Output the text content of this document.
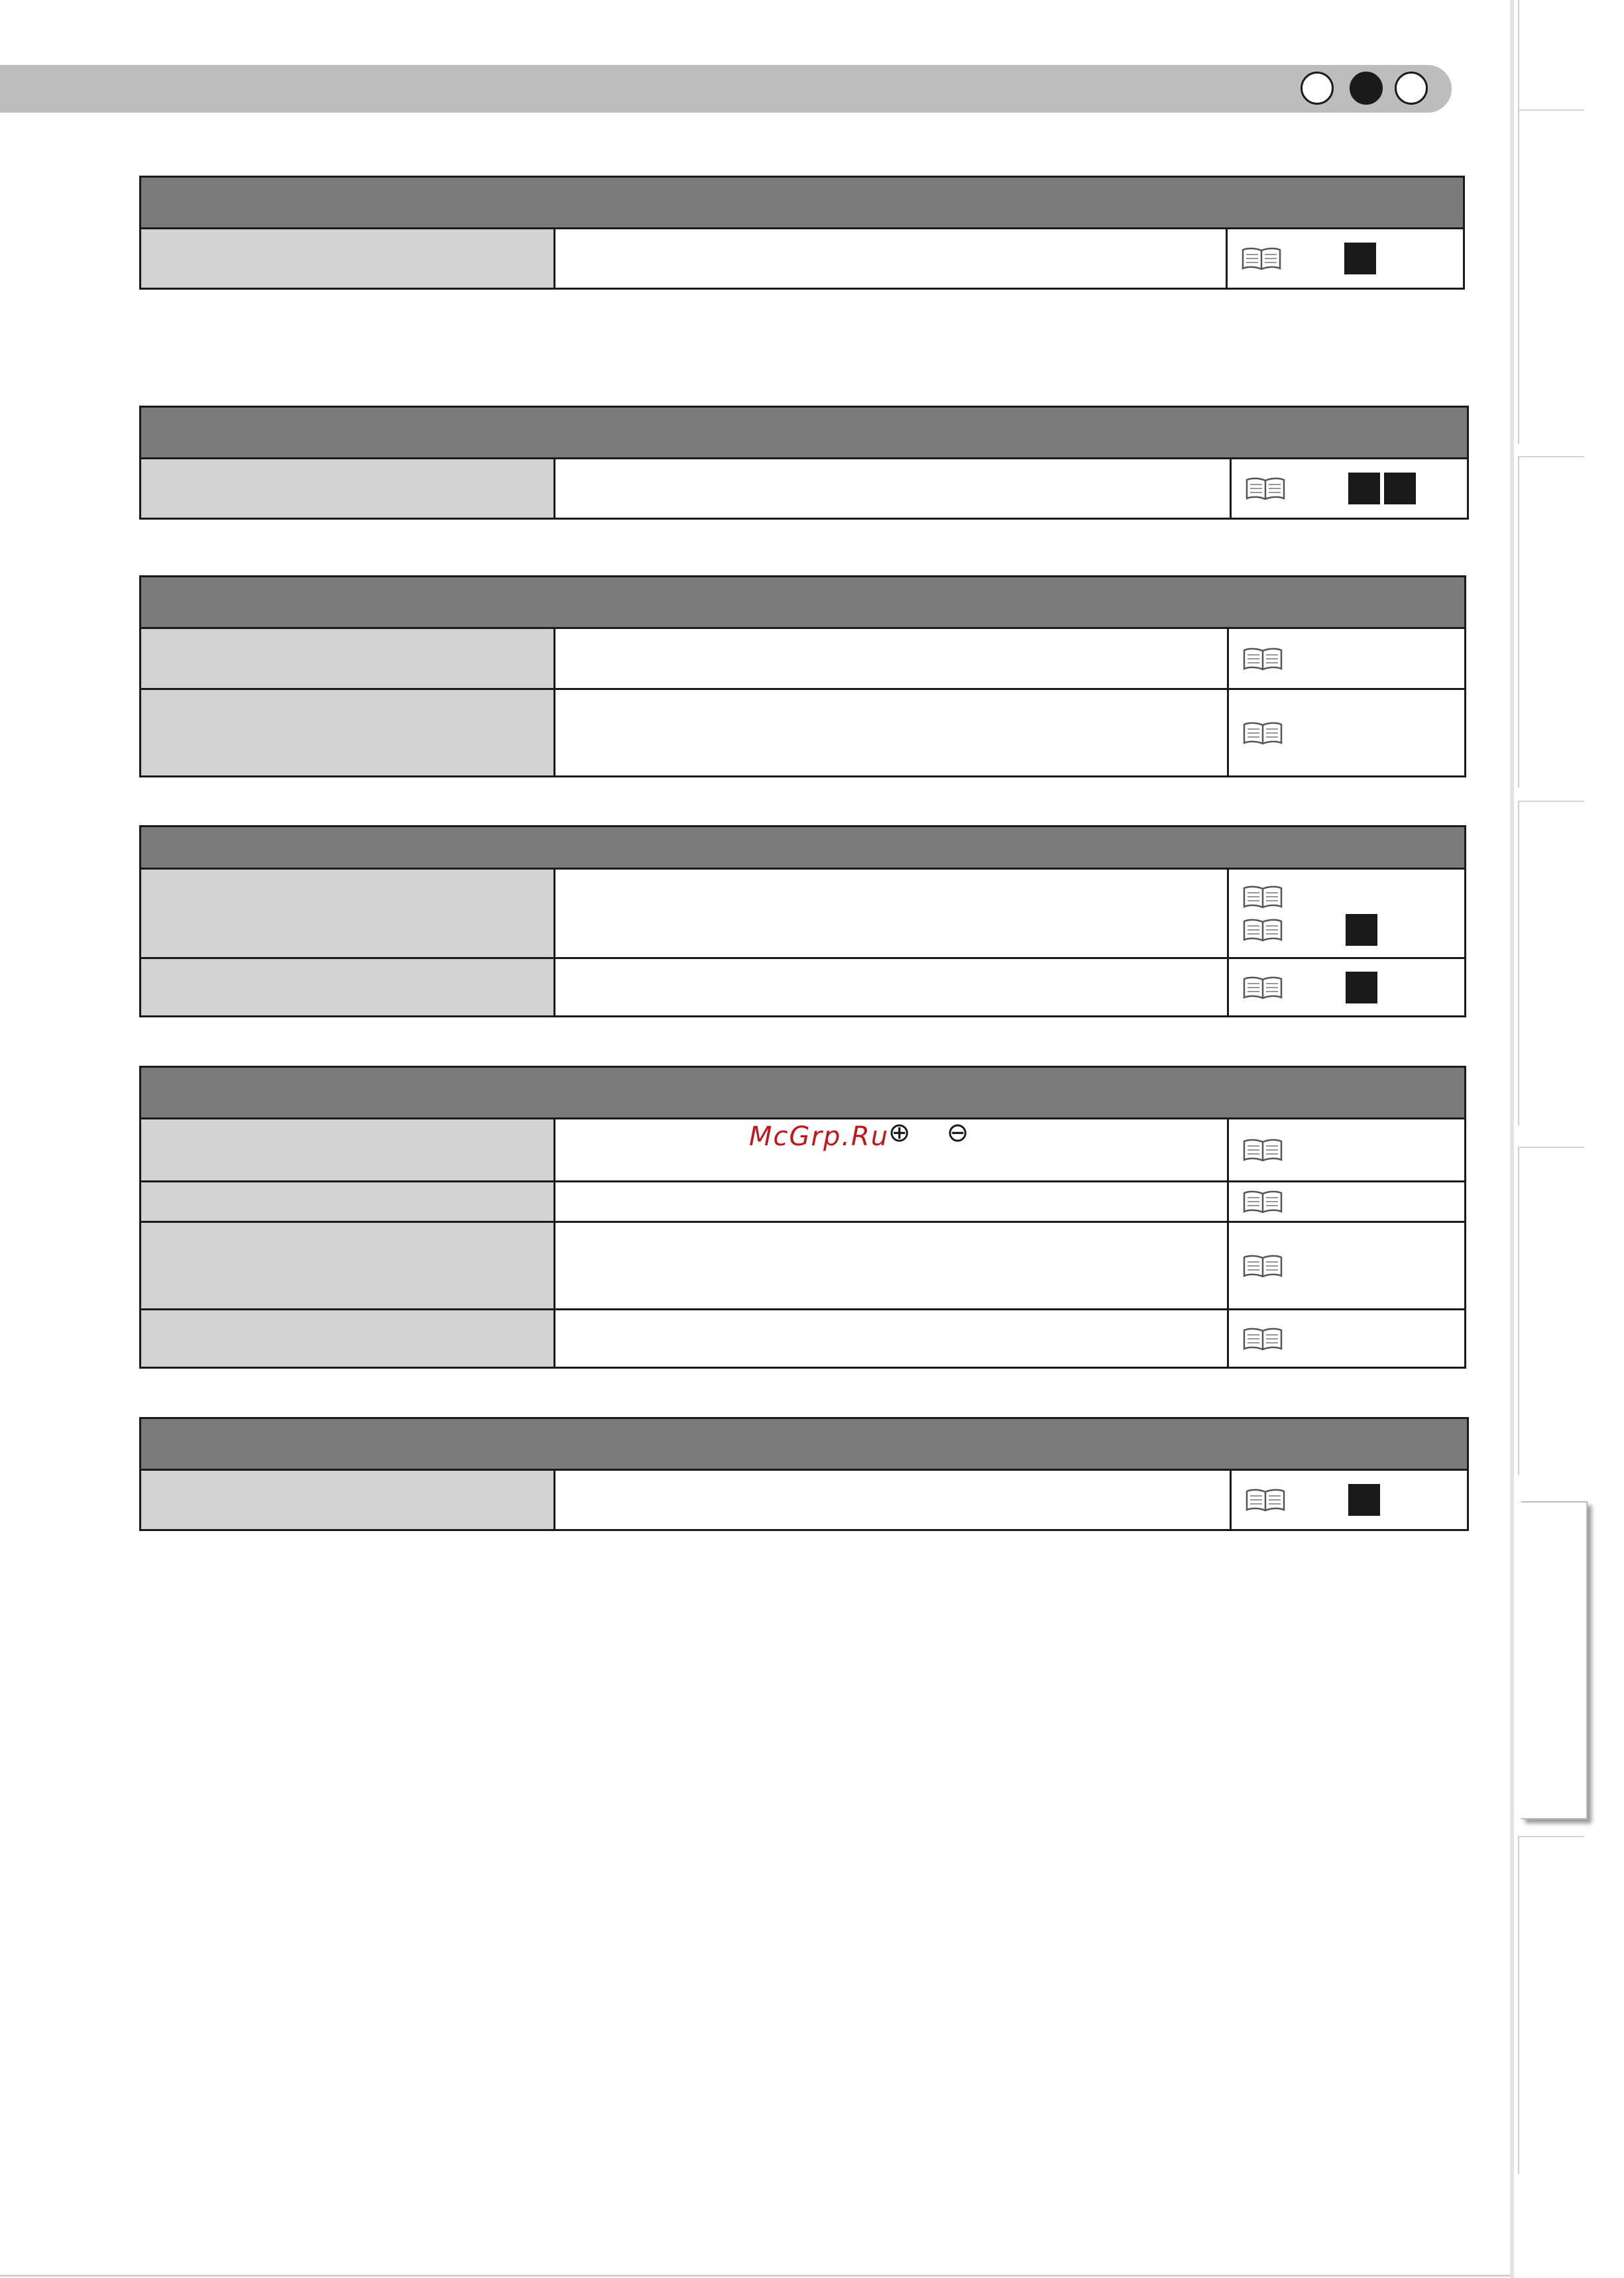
McGrp.Ru
⊕ ⊖
